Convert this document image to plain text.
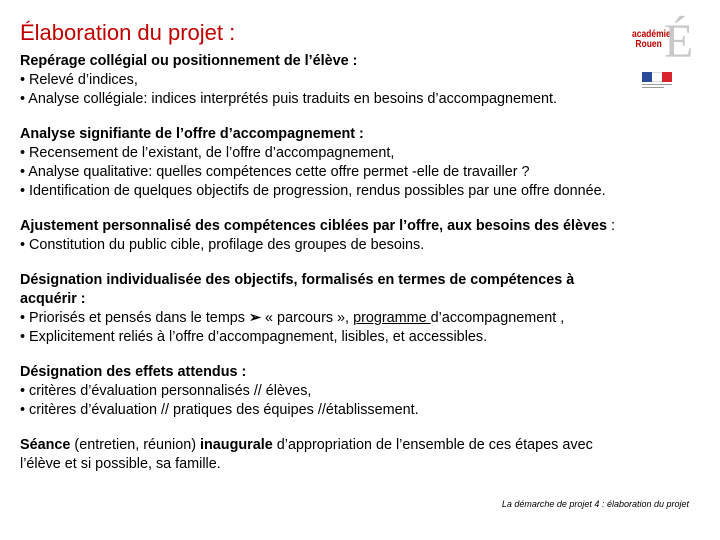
Élaboration du projet :	académie
Rouen É
Repérage collégial ou positionnement de l’élève :
• Relevé d’indices,
• Analyse collégiale: indices interprétés puis traduits en besoins d’accompagnement.
Analyse signifiante de l’offre d’accompagnement :
• Recensement de l’existant, de l’offre d’accompagnement,
• Analyse qualitative: quelles compétences cette offre permet -elle de travailler ?
• Identification de quelques objectifs de progression, rendus possibles par une offre donnée.
Ajustement personnalisé des compétences ciblées par l’offre, aux besoins des élèves :
• Constitution du public cible, profilage des groupes de besoins.
Désignation individualisée des objectifs, formalisés en termes de compétences à
acquérir :
• Priorisés et pensés dans le temps ➢ « parcours », programme d’accompagnement ,
• Explicitement reliés à l’offre d’accompagnement, lisibles, et accessibles.
Désignation des effets attendus :
• critères d’évaluation personnalisés // élèves,
• critères d’évaluation // pratiques des équipes //établissement.
Séance (entretien, réunion) inaugurale d’appropriation de l’ensemble de ces étapes avec
l’élève et si possible, sa famille.
La démarche de projet 4 : élaboration du projet
